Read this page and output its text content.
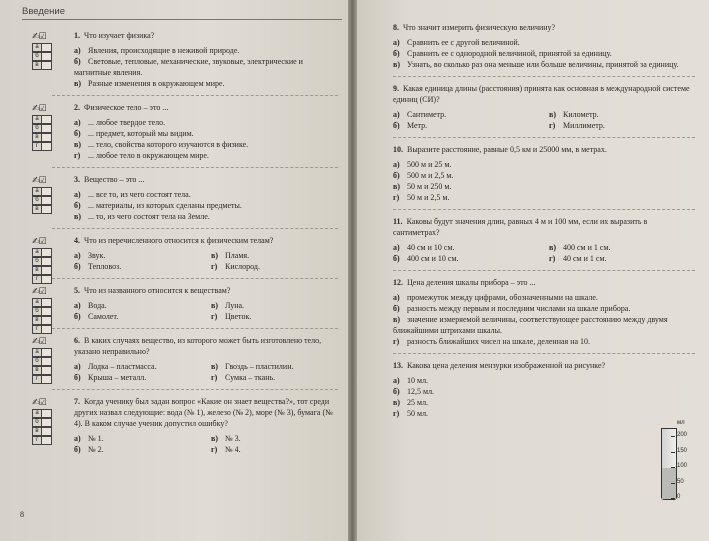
Введение
✍☑
а
б
в
1. Что изучает физика?
а) Явления, происходящие в неживой природе.
б) Световые, тепловые, механические, звуковые, электрические и магнитные явления.
в) Разные изменения в окружающем мире.
✍☑
а
б
в
г
2. Физическое тело – это ...
а) ... любое твердое тело.
б) ... предмет, который мы видим.
в) ... тело, свойства которого изучаются в физике.
г) ... любое тело в окружающем мире.
✍☑
а
б
в
3. Вещество – это ...
а) ... все то, из чего состоят тела.
б) ... материалы, из которых сделаны предметы.
в) ... то, из чего состоят тела на Земле.
✍☑
а
б
в
г
4. Что из перечисленного относится к физическим телам?
а) Звук.	в) Пламя.
б) Тепловоз.	г) Кислород.
✍☑
а
б
в
г
5. Что из названного относится к веществам?
а) Вода.	в) Луна.
б) Самолет.	г) Цветок.
✍☑
а
б
в
г
6. В каких случаях вещество, из которого может быть изготовлено тело, указано неправильно?
а) Лодка – пластмасса.	в) Гвоздь – пластилин.
б) Крыша – металл.	г) Сумка – ткань.
✍☑
а
б
в
г
7. Когда ученику был задан вопрос «Какие он знает вещества?», тот среди других назвал следующие: вода (№ 1), железо (№ 2), море (№ 3), бумага (№ 4). В каком случае ученик допустил ошибку?
а) № 1.	в) № 3.
б) № 2.	г) № 4.
8
8. Что значит измерить физическую величину?
а) Сравнить ее с другой величиной.
б) Сравнить ее с однородной величиной, принятой за единицу.
в) Узнать, во сколько раз она меньше или больше величины, принятой за единицу.
9. Какая единица длины (расстояния) принята как основная в международной системе единиц (СИ)?
а) Сантиметр.	в) Километр.
б) Метр.	г) Миллиметр.
10. Выразите расстояние, равные 0,5 км и 25000 мм, в метрах.
а) 500 м и 25 м.
б) 500 м и 2,5 м.
в) 50 м и 250 м.
г) 50 м и 2,5 м.
11. Каковы будут значения длин, равных 4 м и 100 мм, если их выразить в сантиметрах?
а) 40 см и 10 см.	в) 400 см и 1 см.
б) 400 см и 10 см.	г) 40 см и 1 см.
12. Цена деления шкалы прибора – это ...
а) промежуток между цифрами, обозначенными на шкале.
б) разность между первым и последним числами на шкале прибора.
в) значение измеряемой величины, соответствующее расстоянию между двумя ближайшими штрихами шкалы.
г) разность ближайших чисел на шкале, деленная на 10.
13. Какова цена деления мензурки изображенной на рисунке?
а) 10 мл.
б) 12,5 мл.
в) 25 мл.
г) 50 мл.
200
150
100
50
0
мл
